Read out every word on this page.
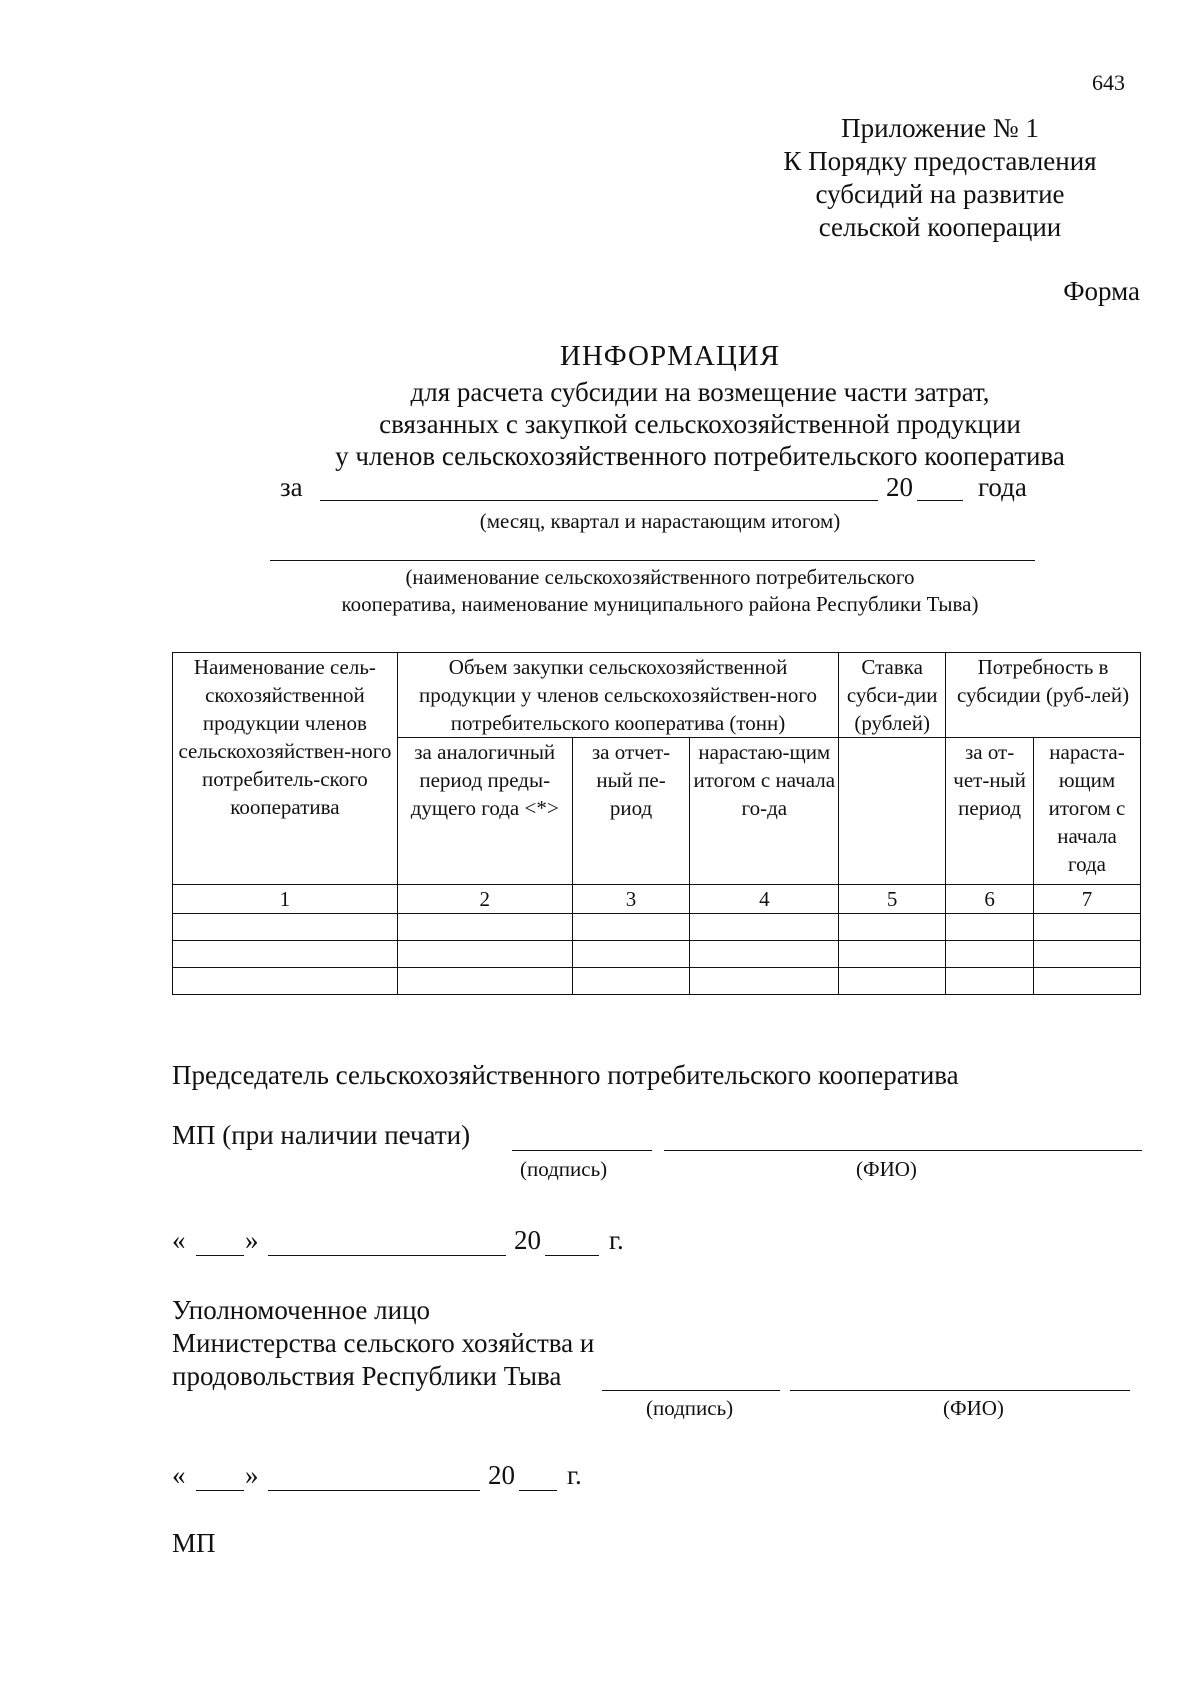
643
Приложение № 1
К Порядку предоставления
субсидий на развитие
сельской кооперации
Форма
ИНФОРМАЦИЯ
для расчета субсидии на возмещение части затрат,
связанных с закупкой сельскохозяйственной продукции
у членов сельскохозяйственного потребительского кооператива
за	20 года
(месяц, квартал и нарастающим итогом)
(наименование сельскохозяйственного потребительского
кооператива, наименование муниципального района Республики Тыва)
Наименование сель-скохозяйственной продукции членов сельскохозяйствен-ного потребитель-ского кооператива	Объем закупки сельскохозяйственной продукции у членов сельскохозяйствен-ного потребительского кооператива (тонн)			Ставка субси-дии (рублей)	Потребность в субсидии (руб-лей)	
	за аналогичный период преды-дущего года <*>	за отчет-ный пе-риод	нарастаю-щим итогом с начала го-да		за от-чет-ный период	нараста-ющим итогом с начала года
1	2	3	4	5	6	7

Председатель сельскохозяйственного потребительского кооператива
МП (при наличии печати)
(подпись)	(ФИО)
« »	20	г.
Уполномоченное лицо
Министерства сельского хозяйства и
продовольствия Республики Тыва
(подпись)	(ФИО)
« »	20 г.
МП
